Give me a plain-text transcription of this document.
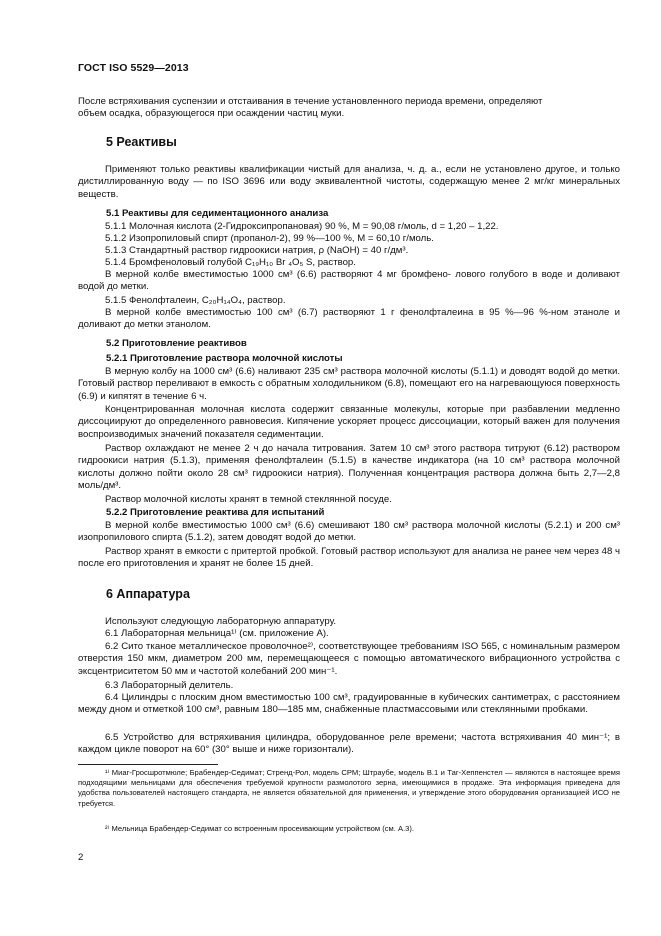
ГОСТ ISO 5529—2013
После встряхивания суспензии и отстаивания в течение установленного периода времени, определяют
объем осадка, образующегося при осаждении частиц муки.
5 Реактивы
Применяют только реактивы квалификации чистый для анализа, ч. д. а., если не установлено другое, и только дистиллированную воду — по ISO 3696 или воду эквивалентной чистоты, содержащую менее 2 мг/кг минеральных веществ.
5.1 Реактивы для седиментационного анализа
5.1.1 Молочная кислота (2-Гидроксипропановая) 90 %, M = 90,08 г/моль, d = 1,20 – 1,22.
5.1.2 Изопропиловый спирт (пропанол-2), 99 %—100 %, M = 60,10 г/моль.
5.1.3 Стандартный раствор гидроокиси натрия, ρ (NaOH) = 40 г/дм³.
5.1.4 Бромфеноловый голубой C₁₉H₁₀ Br ₄O₅ S, раствор.
В мерной колбе вместимостью 1000 см³ (6.6) растворяют 4 мг бромфено- лового голубого в воде и доливают водой до метки.
5.1.5 Фенолфталеин, C₂₀H₁₄O₄, раствор.
В мерной колбе вместимостью 100 см³ (6.7) растворяют 1 г фенолфталеина в 95 %—96 %-ном этаноле и доливают до метки этанолом.
5.2 Приготовление реактивов
5.2.1 Приготовление раствора молочной кислоты
В мерную колбу на 1000 см³ (6.6) наливают 235 см³ раствора молочной кислоты (5.1.1) и доводят водой до метки. Готовый раствор переливают в емкость с обратным холодильником (6.8), помещают его на нагревающуюся поверхность (6.9) и кипятят в течение 6 ч.
Концентрированная молочная кислота содержит связанные молекулы, которые при разбавлении медленно диссоциируют до определенного равновесия. Кипячение ускоряет процесс диссоциации, который важен для получения воспроизводимых значений показателя седиментации.
Раствор охлаждают не менее 2 ч до начала титрования. Затем 10 см³ этого раствора титруют (6.12) раствором гидроокиси натрия (5.1.3), применяя фенолфталеин (5.1.5) в качестве индикатора (на 10 см³ раствора молочной кислоты должно пойти около 28 см³ гидроокиси натрия). Полученная концентрация раствора должна быть 2,7—2,8 моль/дм³.
Раствор молочной кислоты хранят в темной стеклянной посуде.
5.2.2 Приготовление реактива для испытаний
В мерной колбе вместимостью 1000 см³ (6.6) смешивают 180 см³ раствора молочной кислоты (5.2.1) и 200 см³ изопропилового спирта (5.1.2), затем доводят водой до метки.
Раствор хранят в емкости с притертой пробкой. Готовый раствор используют для анализа не ранее чем через 48 ч после его приготовления и хранят не более 15 дней.
6 Аппаратура
Используют следующую лабораторную аппаратуру.
6.1 Лабораторная мельница¹⁾ (см. приложение А).
6.2 Сито тканое металлическое проволочное²⁾, соответствующее требованиям ISO 565, с номинальным размером отверстия 150 мкм, диаметром 200 мм, перемещающееся с помощью автоматического вибрационного устройства с эксцентриситетом 50 мм и частотой колебаний 200 мин⁻¹.
6.3 Лабораторный делитель.
6.4 Цилиндры с плоским дном вместимостью 100 см³, градуированные в кубических сантиметрах, с расстоянием между дном и отметкой 100 см³, равным 180—185 мм, снабженные пластмассовыми или стеклянными пробками.
6.5 Устройство для встряхивания цилиндра, оборудованное реле времени; частота встряхивания 40 мин⁻¹; в каждом цикле поворот на 60° (30° выше и ниже горизонтали).
¹⁾ Миаг-Гросшротмюле; Брабендер-Седимат; Стренд-Рол, модель CPM; Штраубе, модель В.1 и Таг-Хеппенстел — являются в настоящее время подходящими мельницами для обеспечения требуемой крупности размолотого зерна, имеющимися в продаже. Эта информация приведена для удобства пользователей настоящего стандарта, не является обязательной для применения, и утверждение этого оборудования организацией ИСО не требуется.
²⁾ Мельница Брабендер-Седимат со встроенным просеивающим устройством (см. А.3).
2
